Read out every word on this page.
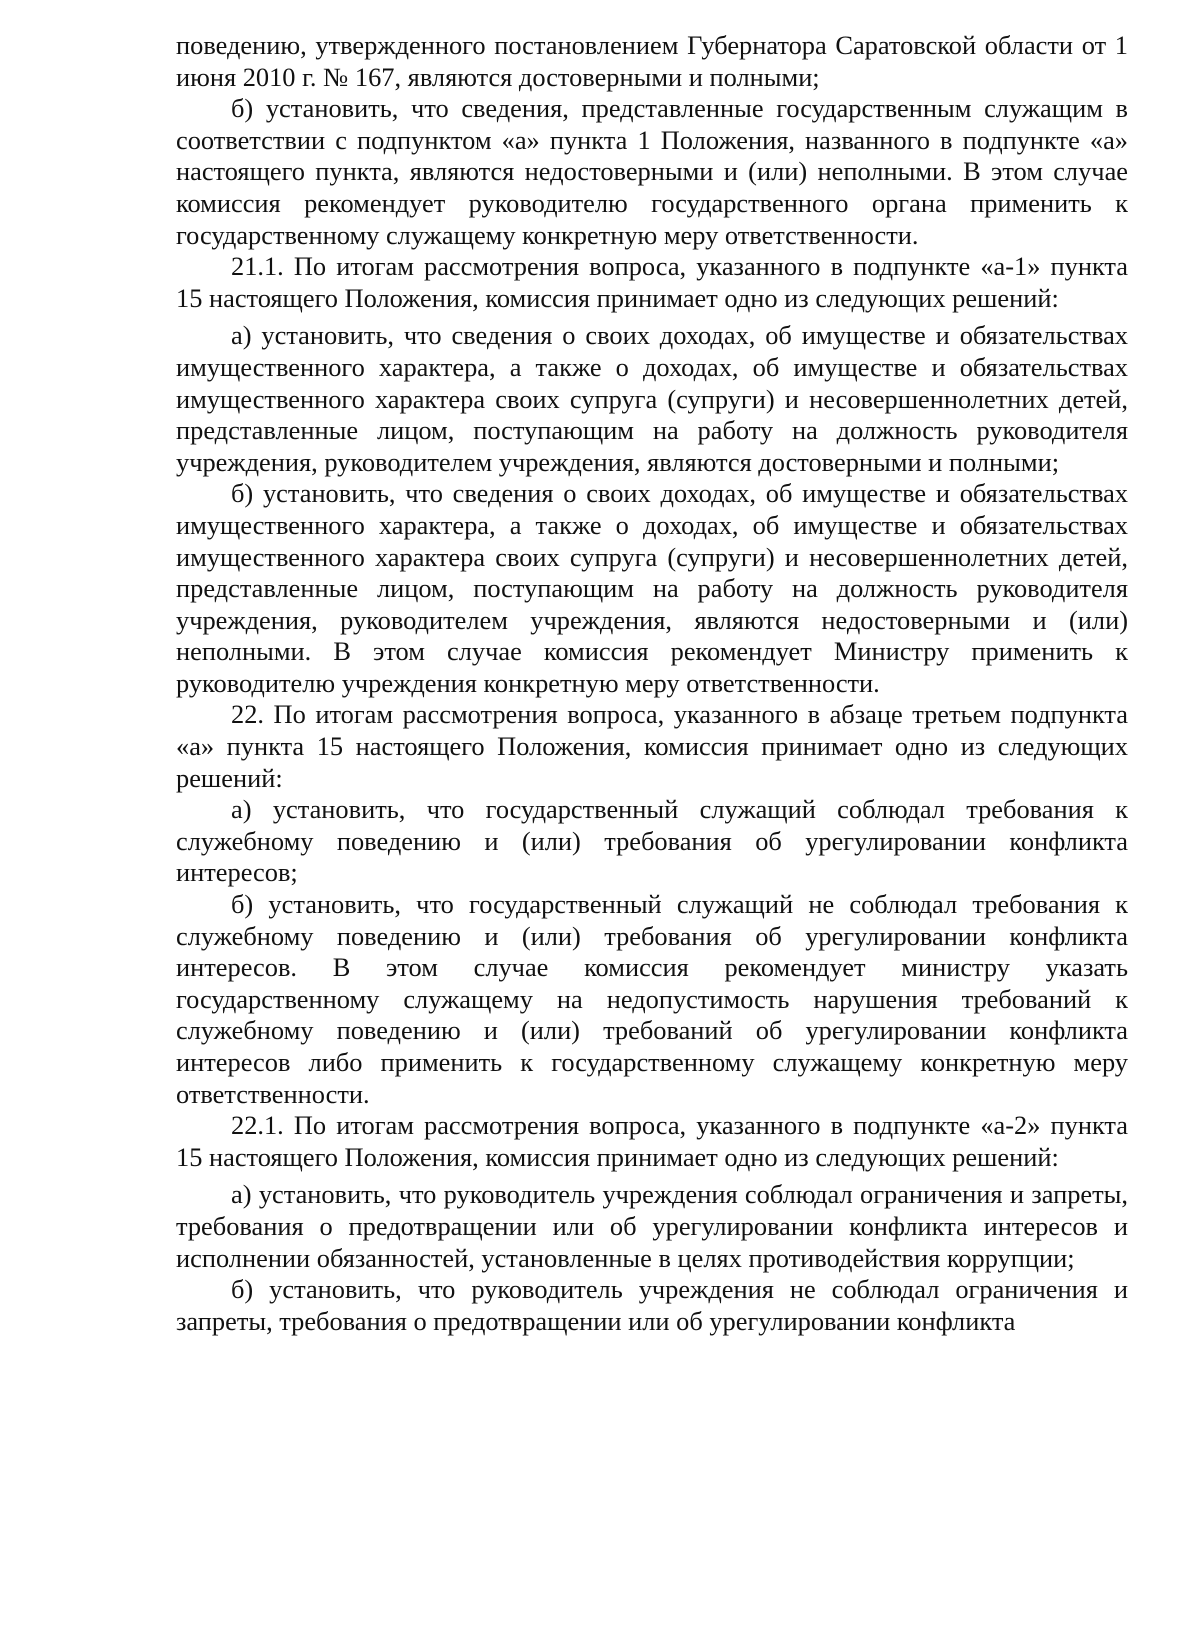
поведению, утвержденного постановлением Губернатора Саратовской области от 1 июня 2010 г. № 167, являются достоверными и полными;

б) установить, что сведения, представленные государственным служащим в соответствии с подпунктом «а» пункта 1 Положения, названного в подпункте «а» настоящего пункта, являются недостоверными и (или) неполными. В этом случае комиссия рекомендует руководителю государственного органа применить к государственному служащему конкретную меру ответственности.

21.1. По итогам рассмотрения вопроса, указанного в подпункте «а-1» пункта 15 настоящего Положения, комиссия принимает одно из следующих решений:

а) установить, что сведения о своих доходах, об имуществе и обязательствах имущественного характера, а также о доходах, об имуществе и обязательствах имущественного характера своих супруга (супруги) и несовершеннолетних детей, представленные лицом, поступающим на работу на должность руководителя учреждения, руководителем учреждения, являются достоверными и полными;

б) установить, что сведения о своих доходах, об имуществе и обязательствах имущественного характера, а также о доходах, об имуществе и обязательствах имущественного характера своих супруга (супруги) и несовершеннолетних детей, представленные лицом, поступающим на работу на должность руководителя учреждения, руководителем учреждения, являются недостоверными и (или) неполными. В этом случае комиссия рекомендует Министру применить к руководителю учреждения конкретную меру ответственности.

22. По итогам рассмотрения вопроса, указанного в абзаце третьем подпункта «а» пункта 15 настоящего Положения, комиссия принимает одно из следующих решений:

а) установить, что государственный служащий соблюдал требования к служебному поведению и (или) требования об урегулировании конфликта интересов;

б) установить, что государственный служащий не соблюдал требования к служебному поведению и (или) требования об урегулировании конфликта интересов. В этом случае комиссия рекомендует министру указать государственному служащему на недопустимость нарушения требований к служебному поведению и (или) требований об урегулировании конфликта интересов либо применить к государственному служащему конкретную меру ответственности.

22.1. По итогам рассмотрения вопроса, указанного в подпункте «а-2» пункта 15 настоящего Положения, комиссия принимает одно из следующих решений:

а) установить, что руководитель учреждения соблюдал ограничения и запреты, требования о предотвращении или об урегулировании конфликта интересов и исполнении обязанностей, установленные в целях противодействия коррупции;

б) установить, что руководитель учреждения не соблюдал ограничения и запреты, требования о предотвращении или об урегулировании конфликта
